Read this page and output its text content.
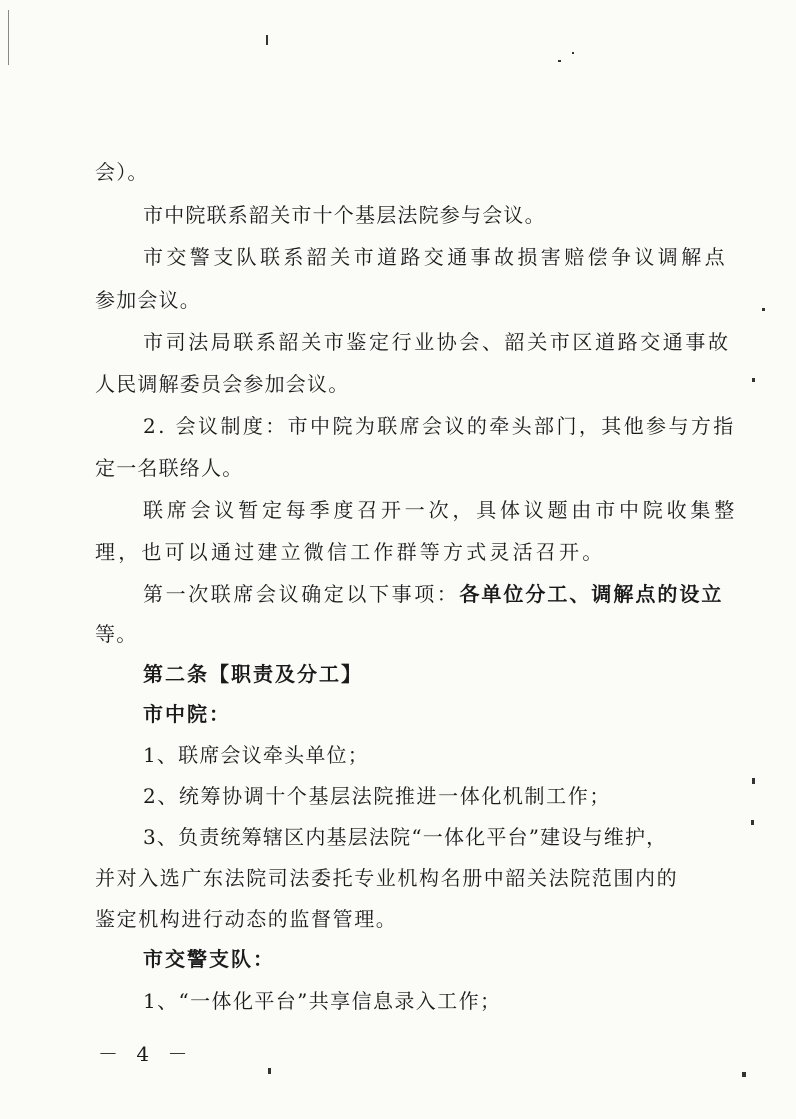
会）。
市中院联系韶关市十个基层法院参与会议。
市交警支队联系韶关市道路交通事故损害赔偿争议调解点
参加会议。
市司法局联系韶关市鉴定行业协会、韶关市区道路交通事故
人民调解委员会参加会议。
2. 会议制度：市中院为联席会议的牵头部门，其他参与方指
定一名联络人。
联席会议暂定每季度召开一次，具体议题由市中院收集整
理，也可以通过建立微信工作群等方式灵活召开。
第一次联席会议确定以下事项：各单位分工、调解点的设立
等。
第二条【职责及分工】
市中院：
1、联席会议牵头单位；
2、统筹协调十个基层法院推进一体化机制工作；
3、负责统筹辖区内基层法院“一体化平台”建设与维护，
并对入选广东法院司法委托专业机构名册中韶关法院范围内的
鉴定机构进行动态的监督管理。
市交警支队：
1、“一体化平台”共享信息录入工作；
－ 4 －
